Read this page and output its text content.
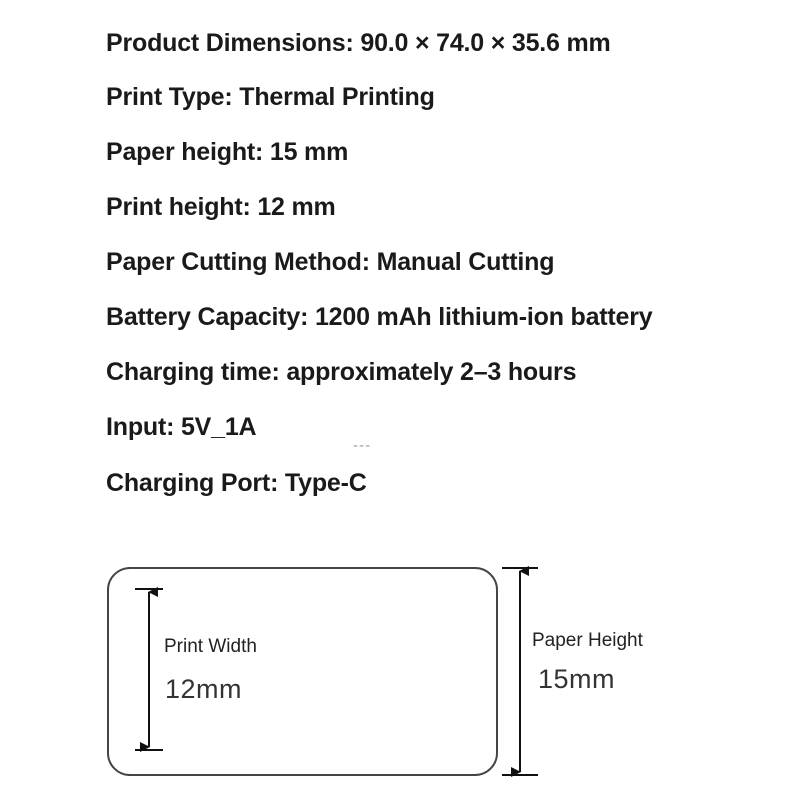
Product Dimensions: 90.0 × 74.0 × 35.6 mm
Print Type: Thermal Printing
Paper height: 15 mm
Print height: 12 mm
Paper Cutting Method: Manual Cutting
Battery Capacity: 1200 mAh lithium-ion battery
Charging time: approximately 2–3 hours
Input: 5V_1A
Charging Port: Type-C
---
Print Width
12mm
Paper Height
15mm
